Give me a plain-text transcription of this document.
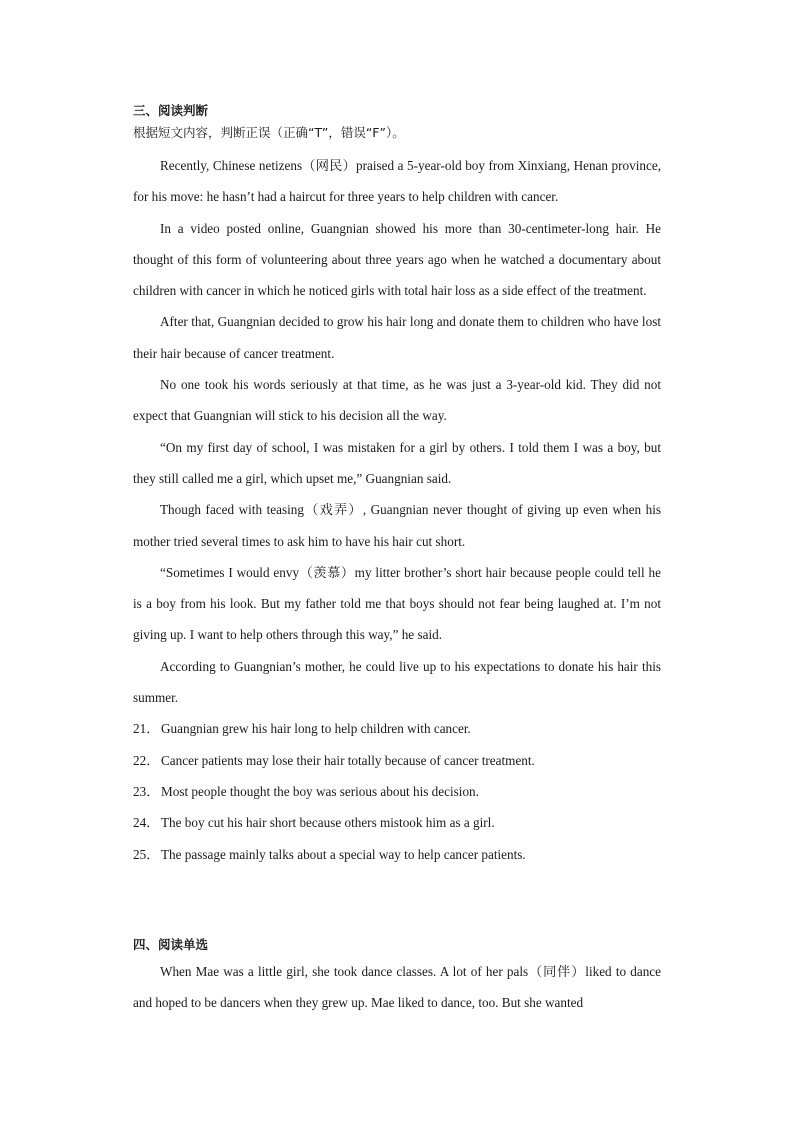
三、阅读判断

根据短文内容，判断正误（正确“T”，错误“F”）。

Recently, Chinese netizens（网民）praised a 5-year-old boy from Xinxiang, Henan province, for his move: he hasn’t had a haircut for three years to help children with cancer.

In a video posted online, Guangnian showed his more than 30-centimeter-long hair. He thought of this form of volunteering about three years ago when he watched a documentary about children with cancer in which he noticed girls with total hair loss as a side effect of the treatment.

After that, Guangnian decided to grow his hair long and donate them to children who have lost their hair because of cancer treatment.

No one took his words seriously at that time, as he was just a 3-year-old kid. They did not expect that Guangnian will stick to his decision all the way.

“On my first day of school, I was mistaken for a girl by others. I told them I was a boy, but they still called me a girl, which upset me,” Guangnian said.

Though faced with teasing（戏弄）, Guangnian never thought of giving up even when his mother tried several times to ask him to have his hair cut short.

“Sometimes I would envy（羡慕）my litter brother’s short hair because people could tell he is a boy from his look. But my father told me that boys should not fear being laughed at. I’m not giving up. I want to help others through this way,” he said.

According to Guangnian’s mother, he could live up to his expectations to donate his hair this summer.

21． Guangnian grew his hair long to help children with cancer.

22． Cancer patients may lose their hair totally because of cancer treatment.

23． Most people thought the boy was serious about his decision.

24． The boy cut his hair short because others mistook him as a girl.

25． The passage mainly talks about a special way to help cancer patients.

四、阅读单选

When Mae was a little girl, she took dance classes. A lot of her pals（同伴）liked to dance and hoped to be dancers when they grew up. Mae liked to dance, too. But she wanted
